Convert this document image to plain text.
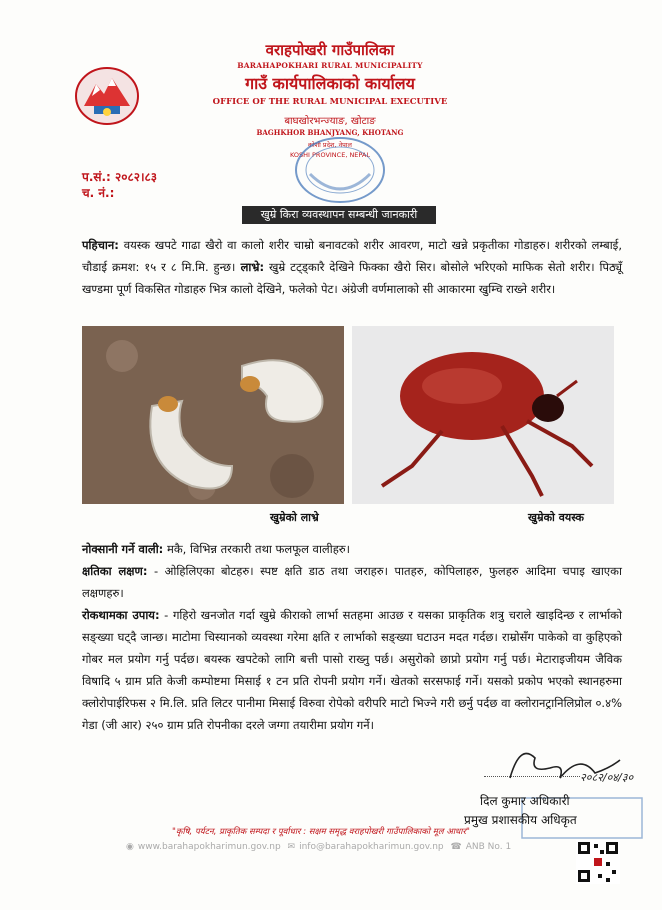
वराहपोखरी गाउँपालिका
BARAHAPOKHARI RURAL MUNICIPALITY
गाउँ कार्यपालिकाको कार्यालय
OFFICE OF THE RURAL MUNICIPAL EXECUTIVE
बाघखोरभन्ज्याङ, खोटाङ
BAGHKHOR BHANJYANG, KHOTANG
कोशी प्रदेश, नेपाल
KOSHI PROVINCE, NEPAL
प.सं.: २०८२।८३
च. नं.:
खुम्रे किरा व्यवस्थापन सम्बन्धी जानकारी
पहिचान: वयस्क खपटे गाढा खैरो वा कालो शरीर चाम्रो बनावटको शरीर आवरण, माटो खन्ने प्रकृतीका गोडाहरु। शरीरको लम्बाई, चौडाई क्रमश: १५ र ८ मि.मि. हुन्छ। लाभ्रे: खुम्रे टट्ड्कारै देखिने फिक्का खैरो सिर। बोसोले भरिएको माफिक सेतो शरीर। पिठ्यूँ खण्डमा पूर्ण विकसित गोडाहरु भित्र कालो देखिने, फलेको पेट। अंग्रेजी वर्णमालाको सी आकारमा खुम्चि राख्ने शरीर।
खुम्रेको लाभ्रे	खुम्रेको वयस्क
नोक्सानी गर्ने वाली: मकै, विभिन्न तरकारी तथा फलफूल वालीहरु।
क्षतिका लक्षण: - ओहिलिएका बोटहरु। स्पष्ट क्षति डाठ तथा जराहरु। पातहरु, कोपिलाहरु, फुलहरु आदिमा चपाइ खाएका लक्षणहरु।
रोकथामका उपाय: - गहिरो खनजोत गर्दा खुम्रे कीराको लार्भा सतहमा आउछ र यसका प्राकृतिक शत्रु चराले खाइदिन्छ र लार्भाको सङ्ख्या घट्दै जान्छ। माटोमा चिस्यानको व्यवस्था गरेमा क्षति र लार्भाको सङ्ख्या घटाउन मदत गर्दछ। राम्रोसँग पाकेको वा कुहिएको गोबर मल प्रयोग गर्नु पर्दछ। बयस्क खपटेको लागि बत्ती पासो राख्नु पर्छ। असुरोको छाप्रो प्रयोग गर्नु पर्छ। मेटाराइजीयम जैविक विषादि ५ ग्राम प्रति केजी कम्पोष्टमा मिसाई १ टन प्रति रोपनी प्रयोग गर्ने। खेतको सरसफाई गर्ने। यसको प्रकोप भएको स्थानहरुमा क्लोरोपाईरिफस २ मि.लि. प्रति लिटर पानीमा मिसाई विरुवा रोपेको वरीपरि माटो भिज्ने गरी छर्नु पर्दछ वा क्लोरानट्रानिलिप्रोल ०.४% गेडा (जी आर) २५० ग्राम प्रति रोपनीका दरले जग्गा तयारीमा प्रयोग गर्ने।
२०८२/०४/३०
दिल कुमार अधिकारी
प्रमुख प्रशासकीय अधिकृत
"कृषि, पर्यटन, प्राकृतिक सम्पदा र पूर्वाधार : सक्षम समृद्ध वराहपोखरी गाउँपालिकाको मूल आधार"
◉ www.barahapokharimun.gov.np ✉ info@barahapokharimun.gov.np ☎ ANB No. 1
